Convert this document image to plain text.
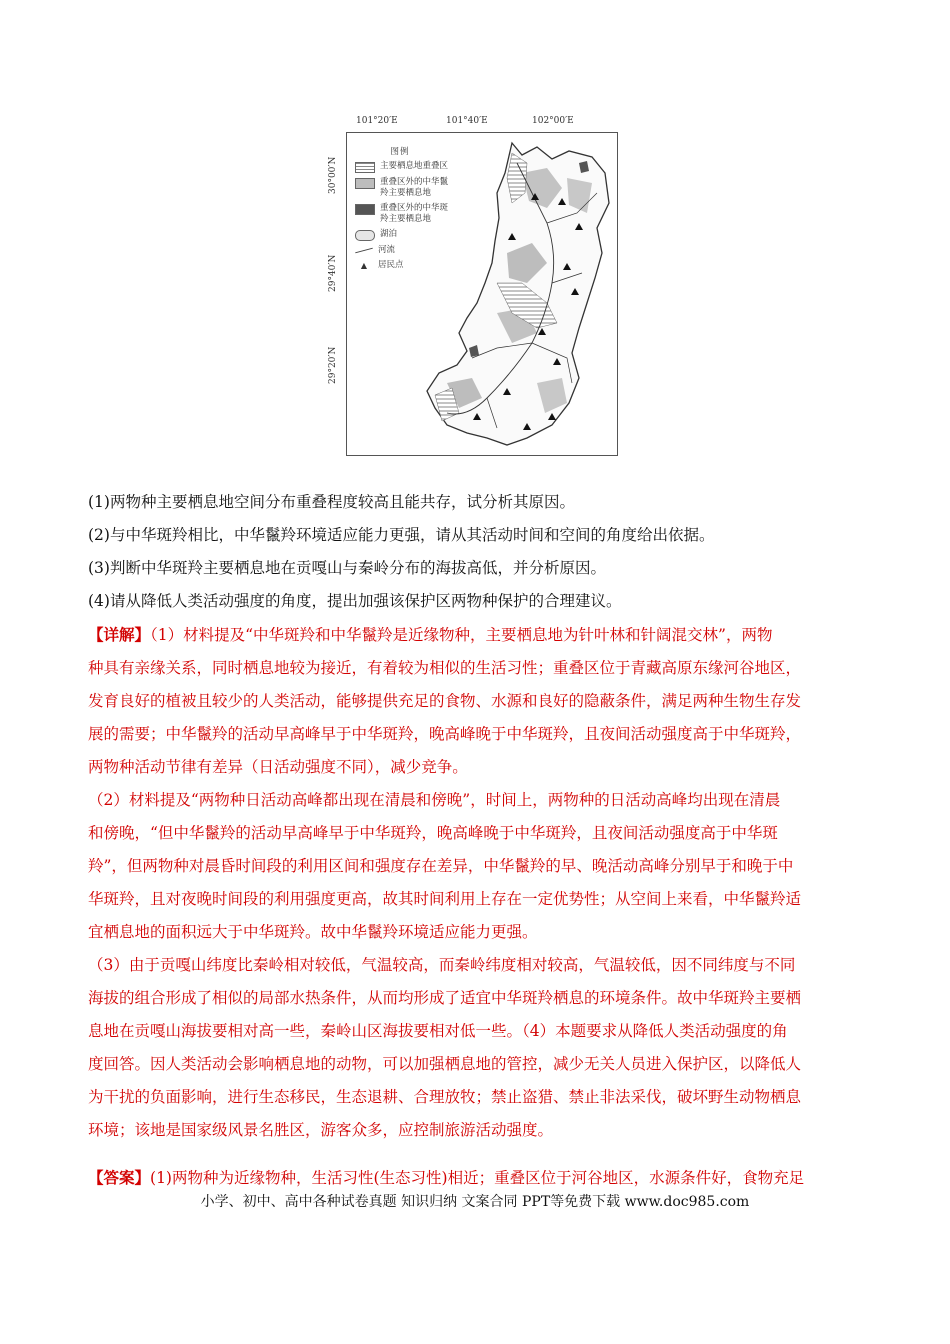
101°20′E	101°40′E	102°00′E
30°00′N
29°40′N
29°20′N
图例
主要栖息地重叠区
重叠区外的中华鬣羚主要栖息地
重叠区外的中华斑羚主要栖息地
湖泊
河流
▲	居民点
(1)两物种主要栖息地空间分布重叠程度较高且能共存，试分析其原因。
(2)与中华斑羚相比，中华鬣羚环境适应能力更强，请从其活动时间和空间的角度给出依据。
(3)判断中华斑羚主要栖息地在贡嘎山与秦岭分布的海拔高低，并分析原因。
(4)请从降低人类活动强度的角度，提出加强该保护区两物种保护的合理建议。
【详解】（1）材料提及“中华斑羚和中华鬣羚是近缘物种，主要栖息地为针叶林和针阔混交林”，两物
种具有亲缘关系，同时栖息地较为接近，有着较为相似的生活习性；重叠区位于青藏高原东缘河谷地区，
发育良好的植被且较少的人类活动，能够提供充足的食物、水源和良好的隐蔽条件，满足两种生物生存发
展的需要；中华鬣羚的活动早高峰早于中华斑羚，晚高峰晚于中华斑羚，且夜间活动强度高于中华斑羚，
两物种活动节律有差异（日活动强度不同），减少竞争。
（2）材料提及“两物种日活动高峰都出现在清晨和傍晚”，时间上，两物种的日活动高峰均出现在清晨
和傍晚，“但中华鬣羚的活动早高峰早于中华斑羚，晚高峰晚于中华斑羚，且夜间活动强度高于中华斑
羚”，但两物种对晨昏时间段的利用区间和强度存在差异，中华鬣羚的早、晚活动高峰分别早于和晚于中
华斑羚，且对夜晚时间段的利用强度更高，故其时间利用上存在一定优势性；从空间上来看，中华鬣羚适
宜栖息地的面积远大于中华斑羚。故中华鬣羚环境适应能力更强。
（3）由于贡嘎山纬度比秦岭相对较低，气温较高，而秦岭纬度相对较高，气温较低，因不同纬度与不同
海拔的组合形成了相似的局部水热条件，从而均形成了适宜中华斑羚栖息的环境条件。故中华斑羚主要栖
息地在贡嘎山海拔要相对高一些，秦岭山区海拔要相对低一些。（4）本题要求从降低人类活动强度的角
度回答。因人类活动会影响栖息地的动物，可以加强栖息地的管控，减少无关人员进入保护区，以降低人
为干扰的负面影响，进行生态移民，生态退耕、合理放牧；禁止盗猎、禁止非法采伐，破坏野生动物栖息
环境；该地是国家级风景名胜区，游客众多，应控制旅游活动强度。
【答案】(1)两物种为近缘物种，生活习性(生态习性)相近；重叠区位于河谷地区，水源条件好，食物充足
小学、初中、高中各种试卷真题 知识归纳 文案合同 PPT等免费下载 www.doc985.com
